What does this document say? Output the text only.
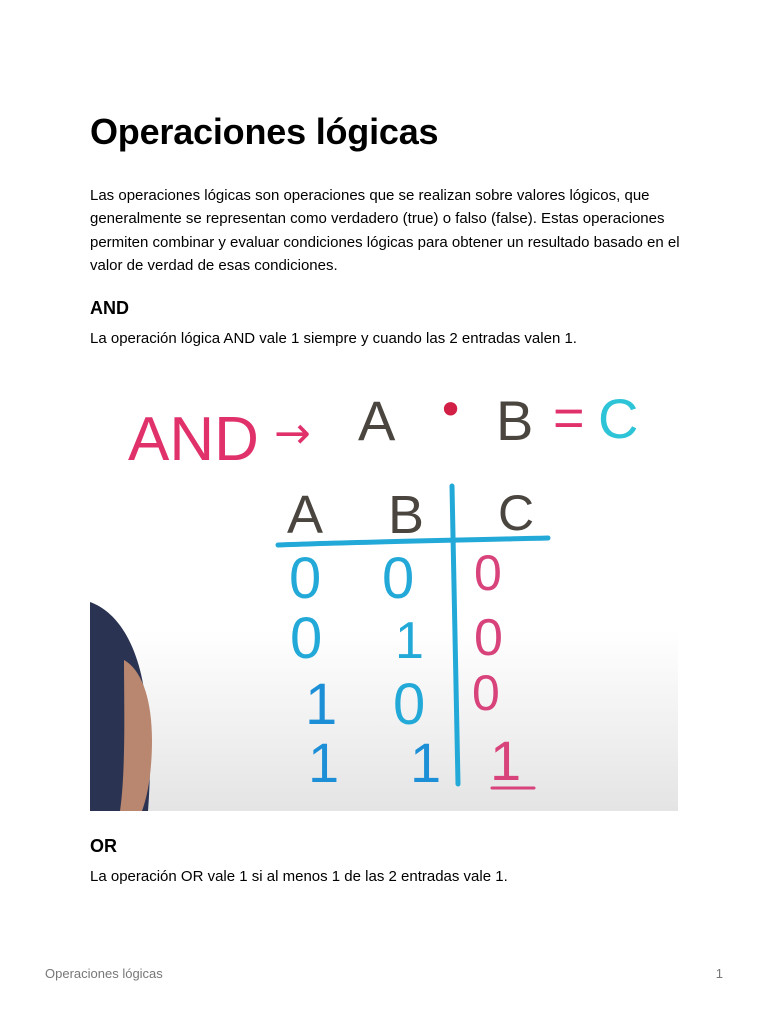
Operaciones lógicas

Las operaciones lógicas son operaciones que se realizan sobre valores lógicos, que generalmente se representan como verdadero (true) o falso (false). Estas operaciones permiten combinar y evaluar condiciones lógicas para obtener un resultado basado en el valor de verdad de esas condiciones.

AND

La operación lógica AND vale 1 siempre y cuando las 2 entradas valen 1.

AND → A • B = C
A B C
0 0 0
0 1 0
1 0 0
1 1 1
OR

La operación OR vale 1 si al menos 1 de las 2 entradas vale 1.

Operaciones lógicas	1
